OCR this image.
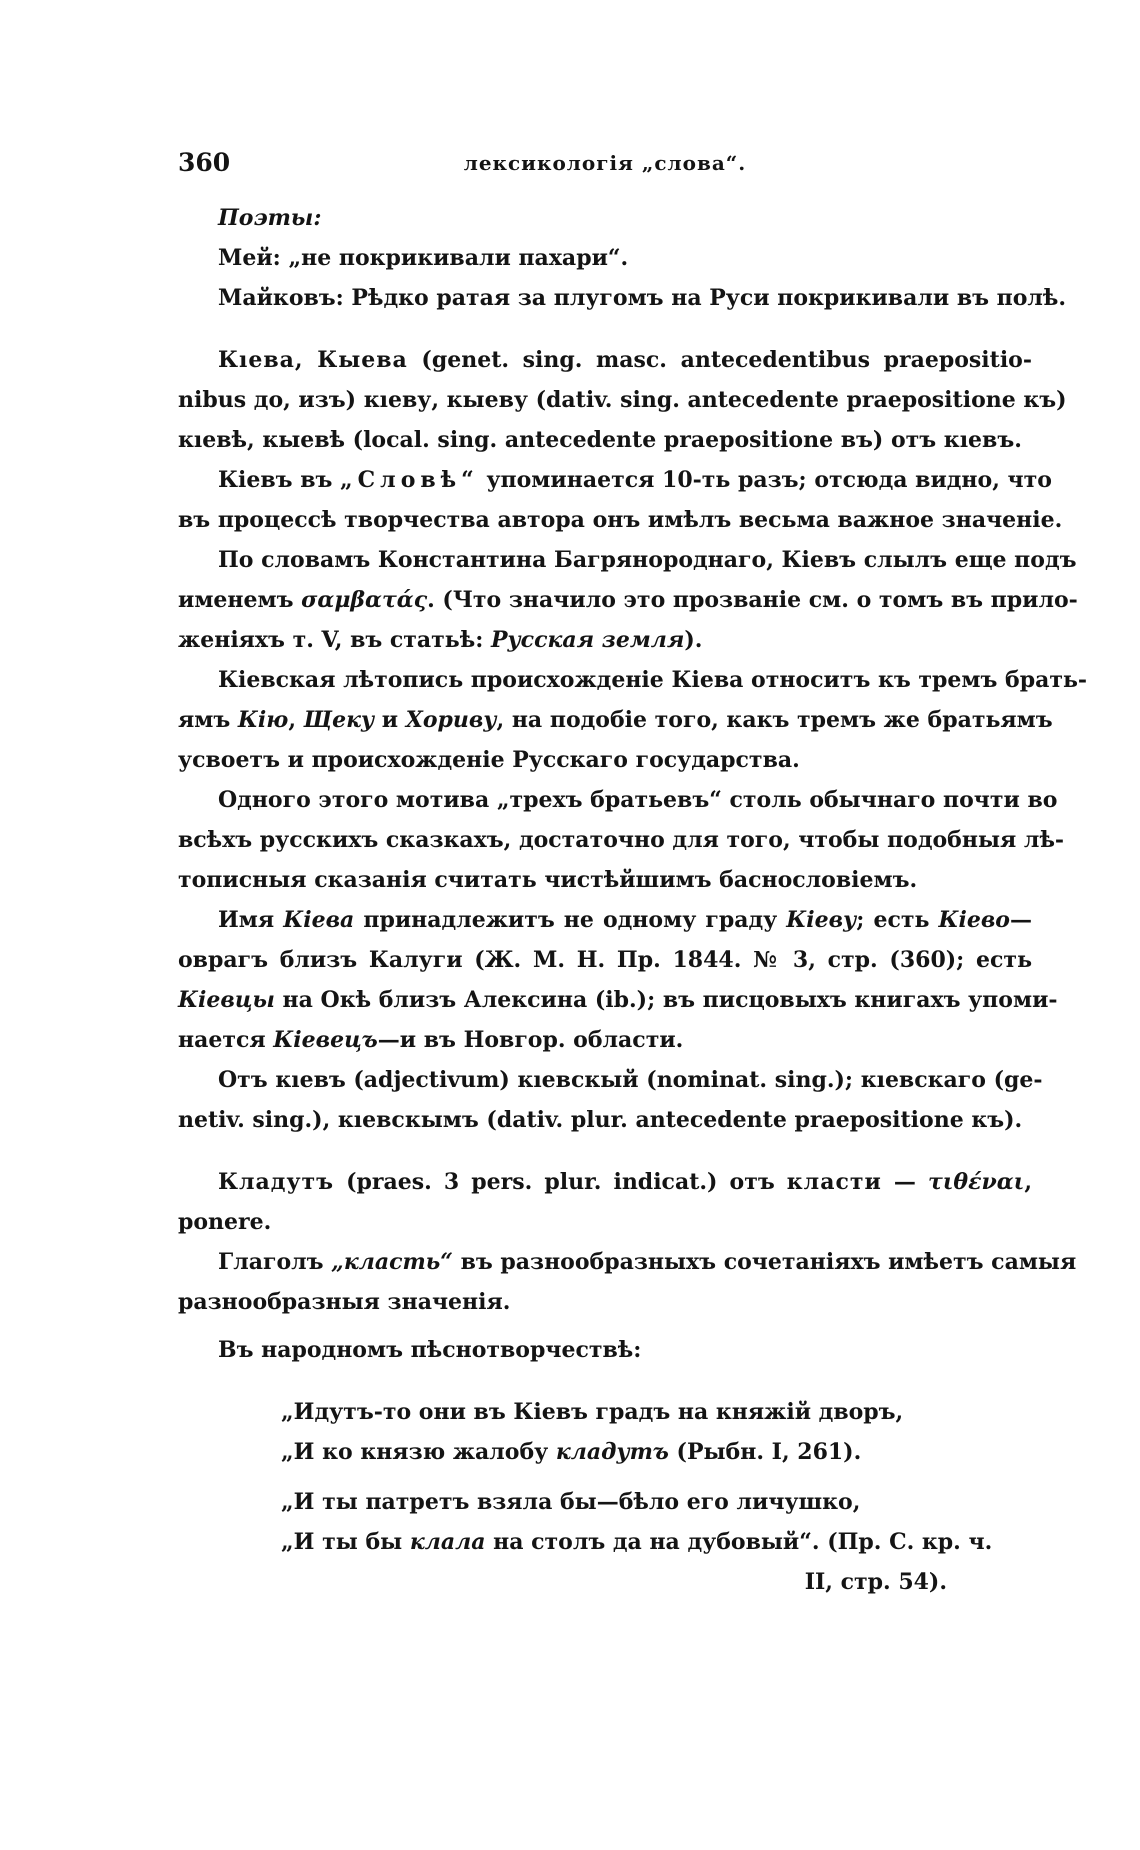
360	лексикологія „слова“.
Поэты:
Мей: „не покрикивали пахари“.
Майковъ: Рѣдко ратая за плугомъ на Руси покрикивали въ полѣ.
Кıева, Кыева (genet. sing. masc. antecedentibus praepositio-
nibus до, изъ) кıеву, кыеву (dativ. sing. antecedente praepositione къ)
кıевѣ, кыевѣ (local. sing. antecedente praepositione въ) отъ кıевъ.
Кіевъ въ „Словѣ“ упоминается 10-ть разъ; отсюда видно, что
въ процессѣ творчества автора онъ имѣлъ весьма важное значеніе.
По словамъ Константина Багрянороднаго, Кіевъ слылъ еще подъ
именемъ σαμβατάς. (Что значило это прозваніе см. о томъ въ прило-
женіяхъ т. V, въ статьѣ: Русская земля).
Кіевская лѣтопись происхожденіе Кіева относитъ къ тремъ брать-
ямъ Кію, Щеку и Хориву, на подобіе того, какъ тремъ же братьямъ
усвоетъ и происхожденіе Русскаго государства.
Одного этого мотива „трехъ братьевъ“ столь обычнаго почти во
всѣхъ русскихъ сказкахъ, достаточно для того, чтобы подобныя лѣ-
тописныя сказанія считать чистѣйшимъ баснословіемъ.
Имя Кіева принадлежитъ не одному граду Кіеву; есть Кіево—
оврагъ близъ Калуги (Ж. М. Н. Пр. 1844. № 3, стр. (360); есть
Кіевцы на Окѣ близъ Алексина (ib.); въ писцовыхъ книгахъ упоми-
нается Кіевецъ—и въ Новгор. области.
Отъ кıевъ (adjectivum) кıевскый (nominat. sing.); кıевскаго (ge-
netiv. sing.), кıевскымъ (dativ. plur. antecedente praepositione къ).
Кладутъ (praes. 3 pers. plur. indicat.) отъ класти — τιθέναι,
ponere.
Глаголъ „класть“ въ разнообразныхъ сочетаніяхъ имѣетъ самыя
разнообразныя значенія.
Въ народномъ пѣснотворчествѣ:
„Идутъ-то они въ Кіевъ градъ на княжій дворъ,
„И ко князю жалобу кладутъ (Рыбн. I, 261).
„И ты патретъ взяла бы—бѣло его личушко,
„И ты бы клала на столъ да на дубовый“. (Пр. С. кр. ч.
II, стр. 54).
